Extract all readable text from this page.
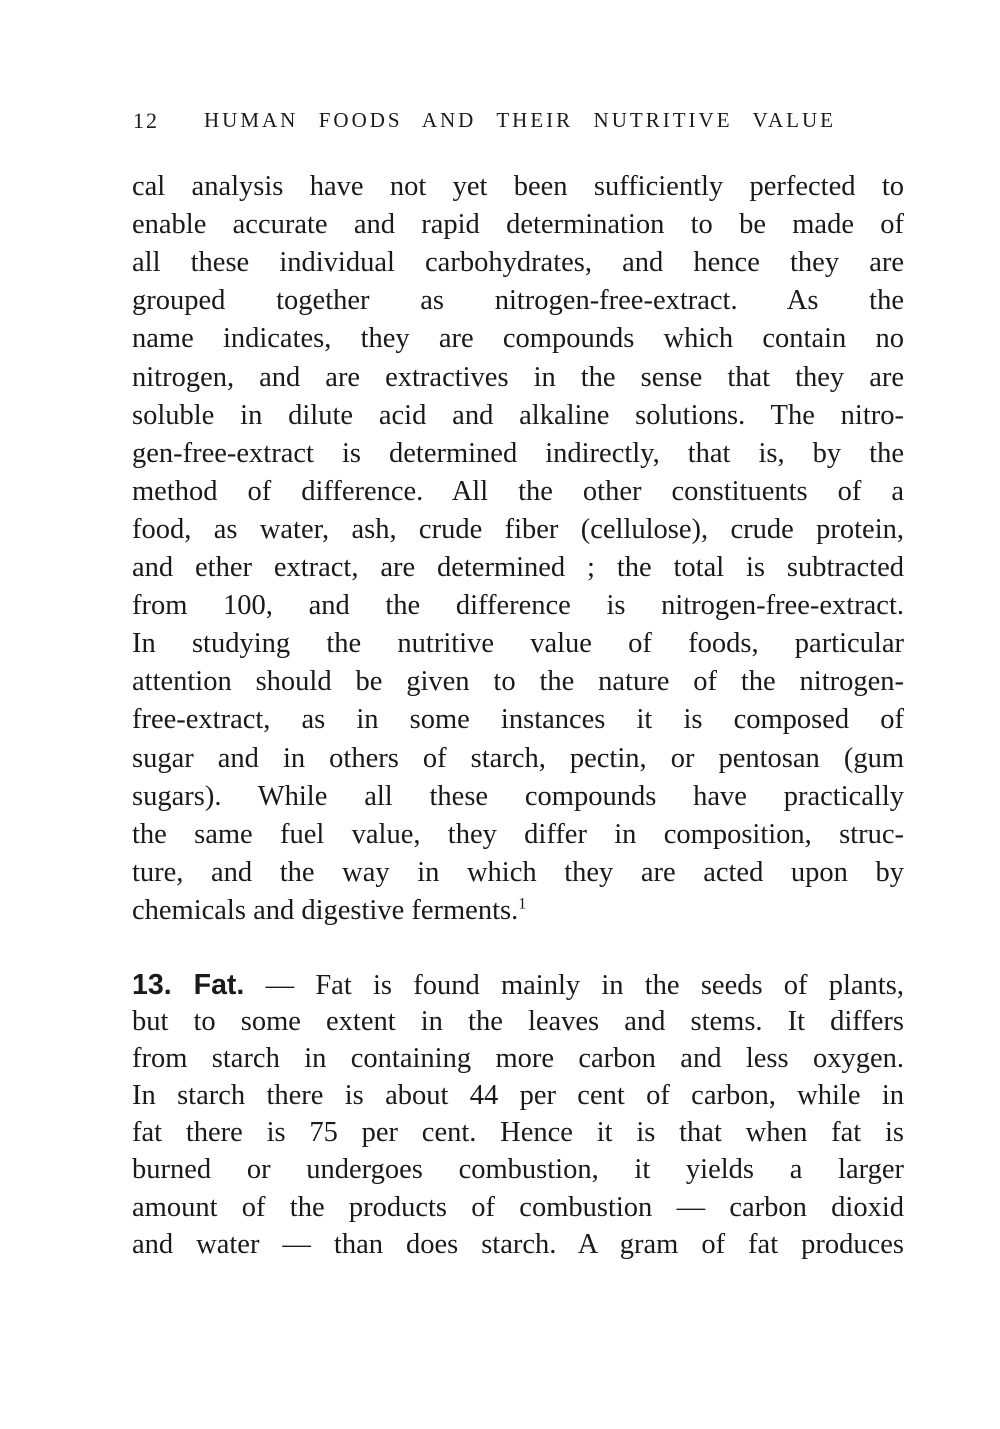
12 HUMAN FOODS AND THEIR NUTRITIVE VALUE
cal analysis have not yet been sufficiently perfected to
enable accurate and rapid determination to be made of
all these individual carbohydrates, and hence they are
grouped together as nitrogen-free-extract. As the
name indicates, they are compounds which contain no
nitrogen, and are extractives in the sense that they are
soluble in dilute acid and alkaline solutions. The nitro-
gen-free-extract is determined indirectly, that is, by the
method of difference. All the other constituents of a
food, as water, ash, crude fiber (cellulose), crude protein,
and ether extract, are determined ; the total is subtracted
from 100, and the difference is nitrogen-free-extract.
In studying the nutritive value of foods, particular
attention should be given to the nature of the nitrogen-
free-extract, as in some instances it is composed of
sugar and in others of starch, pectin, or pentosan (gum
sugars). While all these compounds have practically
the same fuel value, they differ in composition, struc-
ture, and the way in which they are acted upon by
chemicals and digestive ferments.$^1$
13. Fat. — Fat is found mainly in the seeds of plants,
but to some extent in the leaves and stems. It differs
from starch in containing more carbon and less oxygen.
In starch there is about 44 per cent of carbon, while in
fat there is 75 per cent. Hence it is that when fat is
burned or undergoes combustion, it yields a larger
amount of the products of combustion — carbon dioxid
and water — than does starch. A gram of fat produces
